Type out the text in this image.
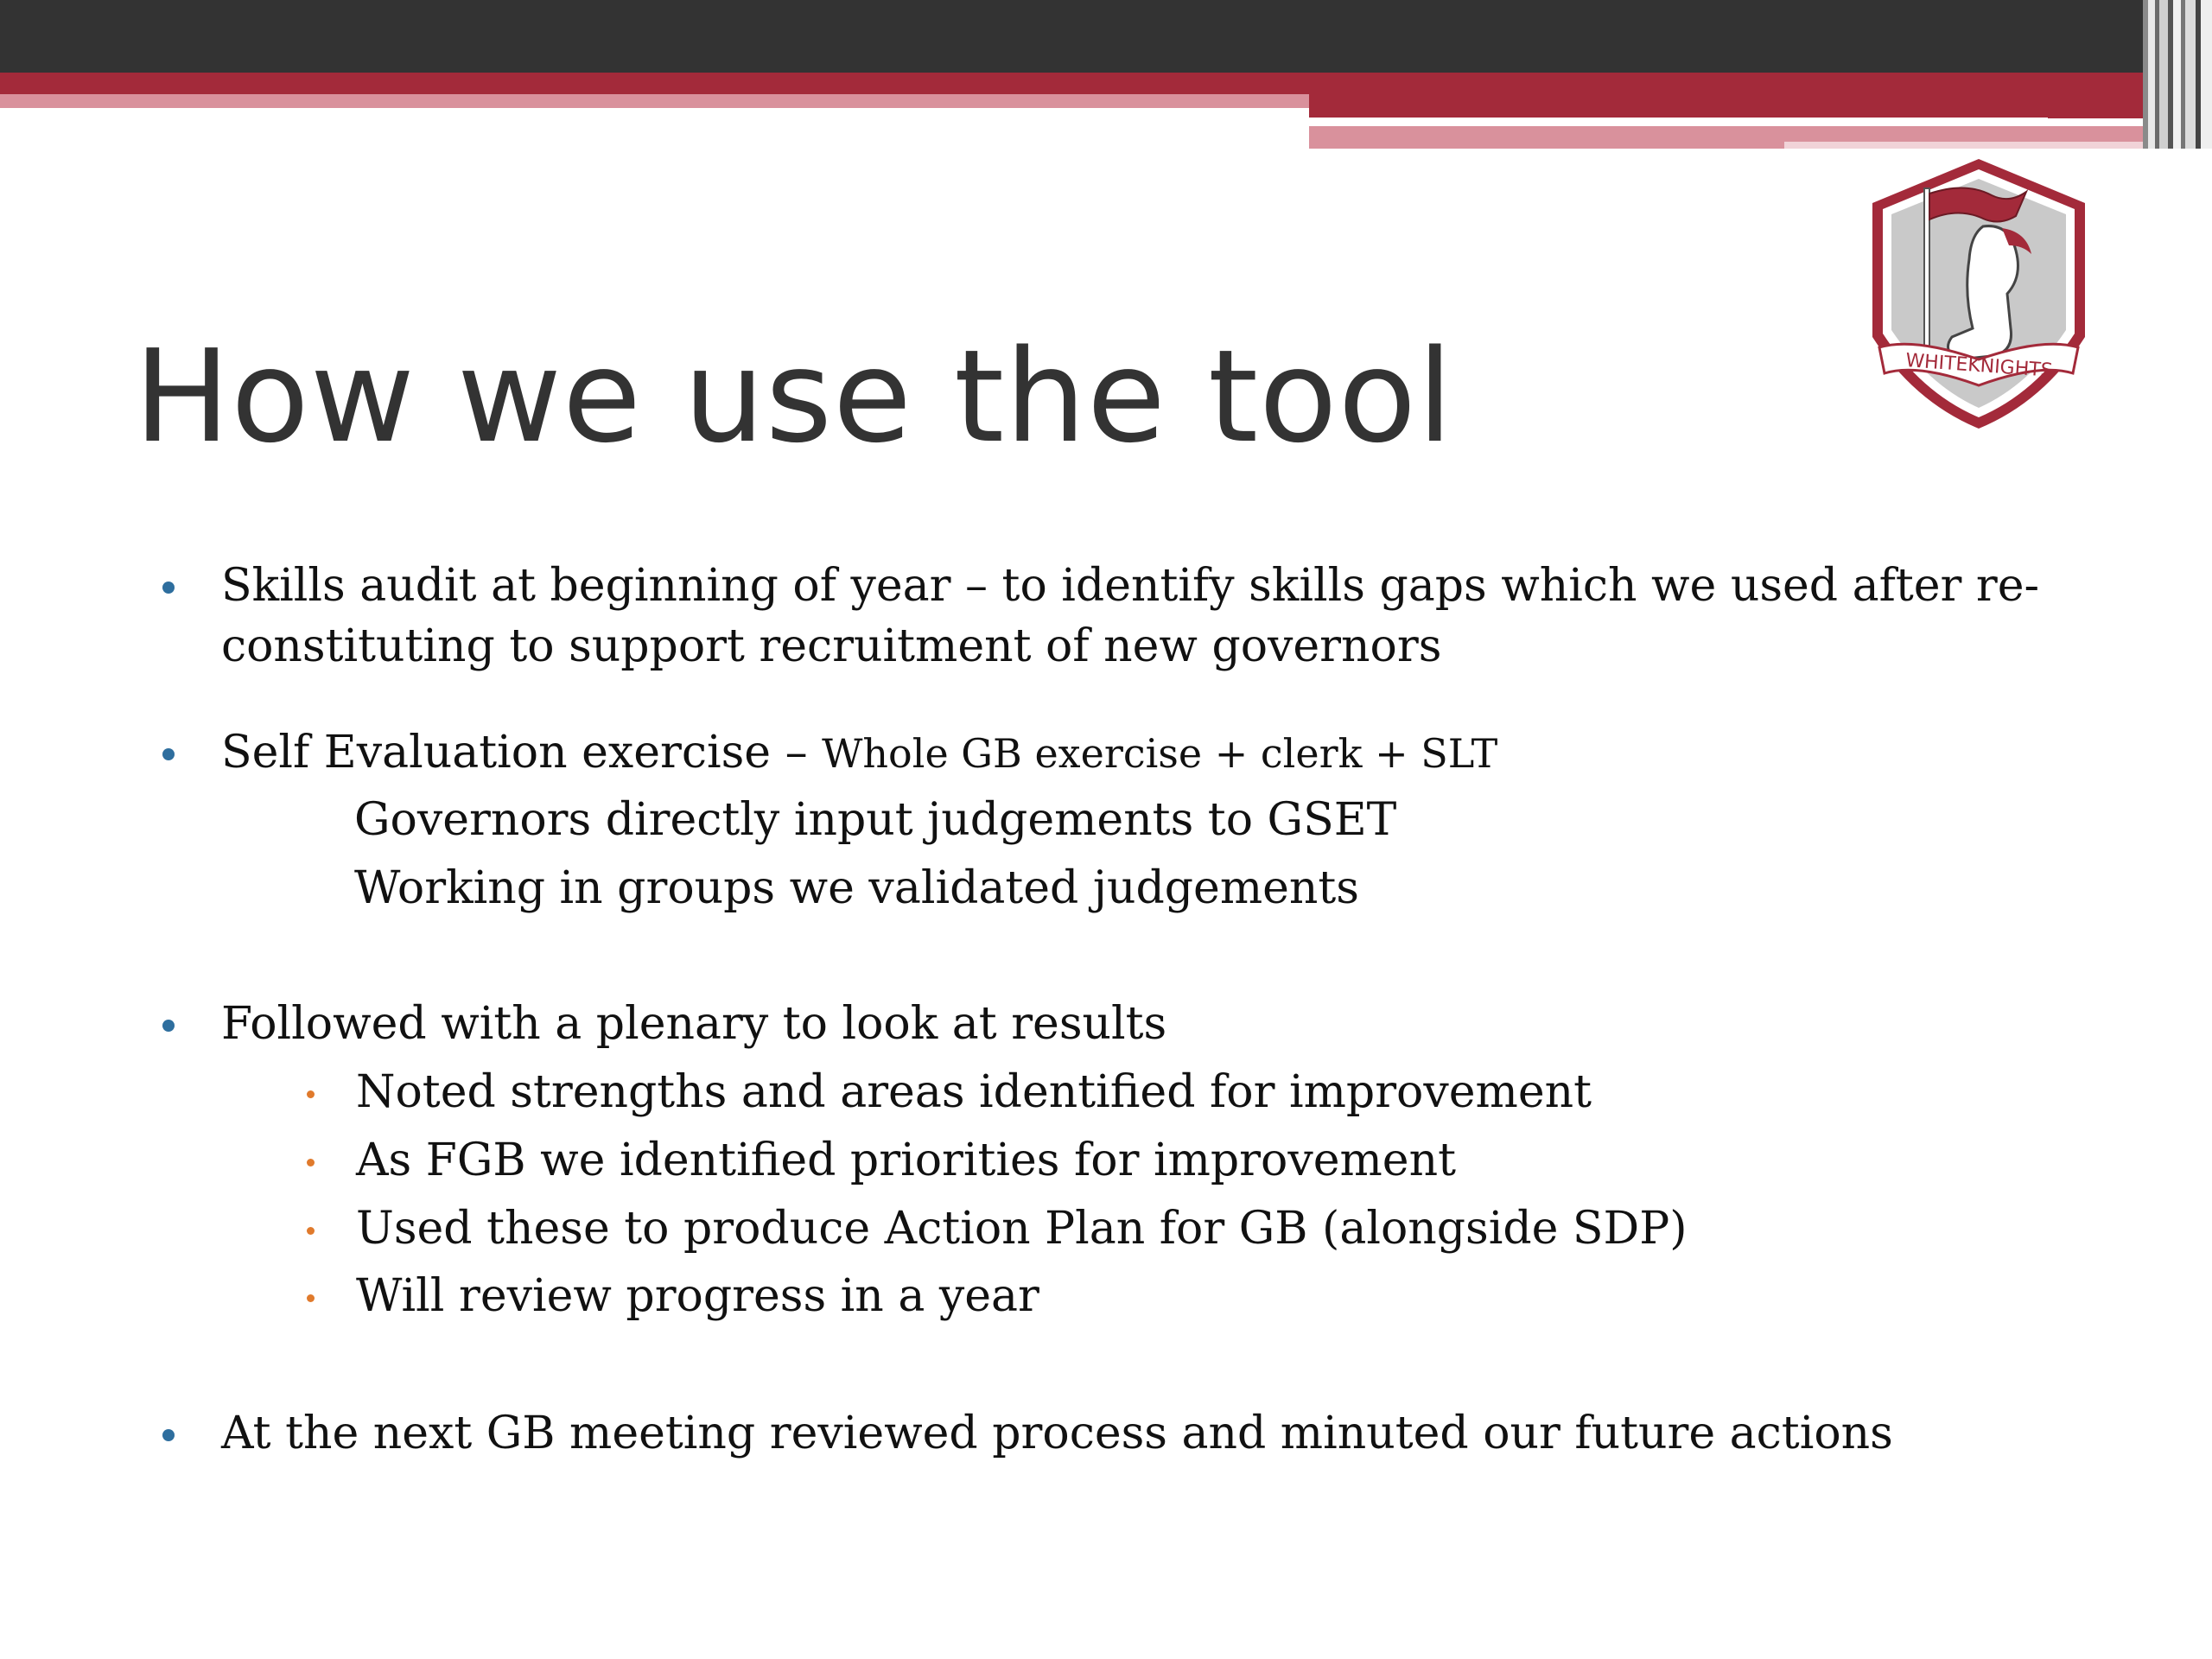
How we use the tool	WHITEKNIGHTS
Skills audit at beginning of year – to identify skills gaps which we used after re-
constituting to support recruitment of new governors
Self Evaluation exercise – Whole GB exercise + clerk + SLT
Governors directly input judgements to GSET
Working in groups we validated judgements
Followed with a plenary to look at results
Noted strengths and areas identified for improvement
As FGB we identified priorities for improvement
Used these to produce Action Plan for GB (alongside SDP)
Will review progress in a year
At the next GB meeting reviewed process and minuted our future actions
